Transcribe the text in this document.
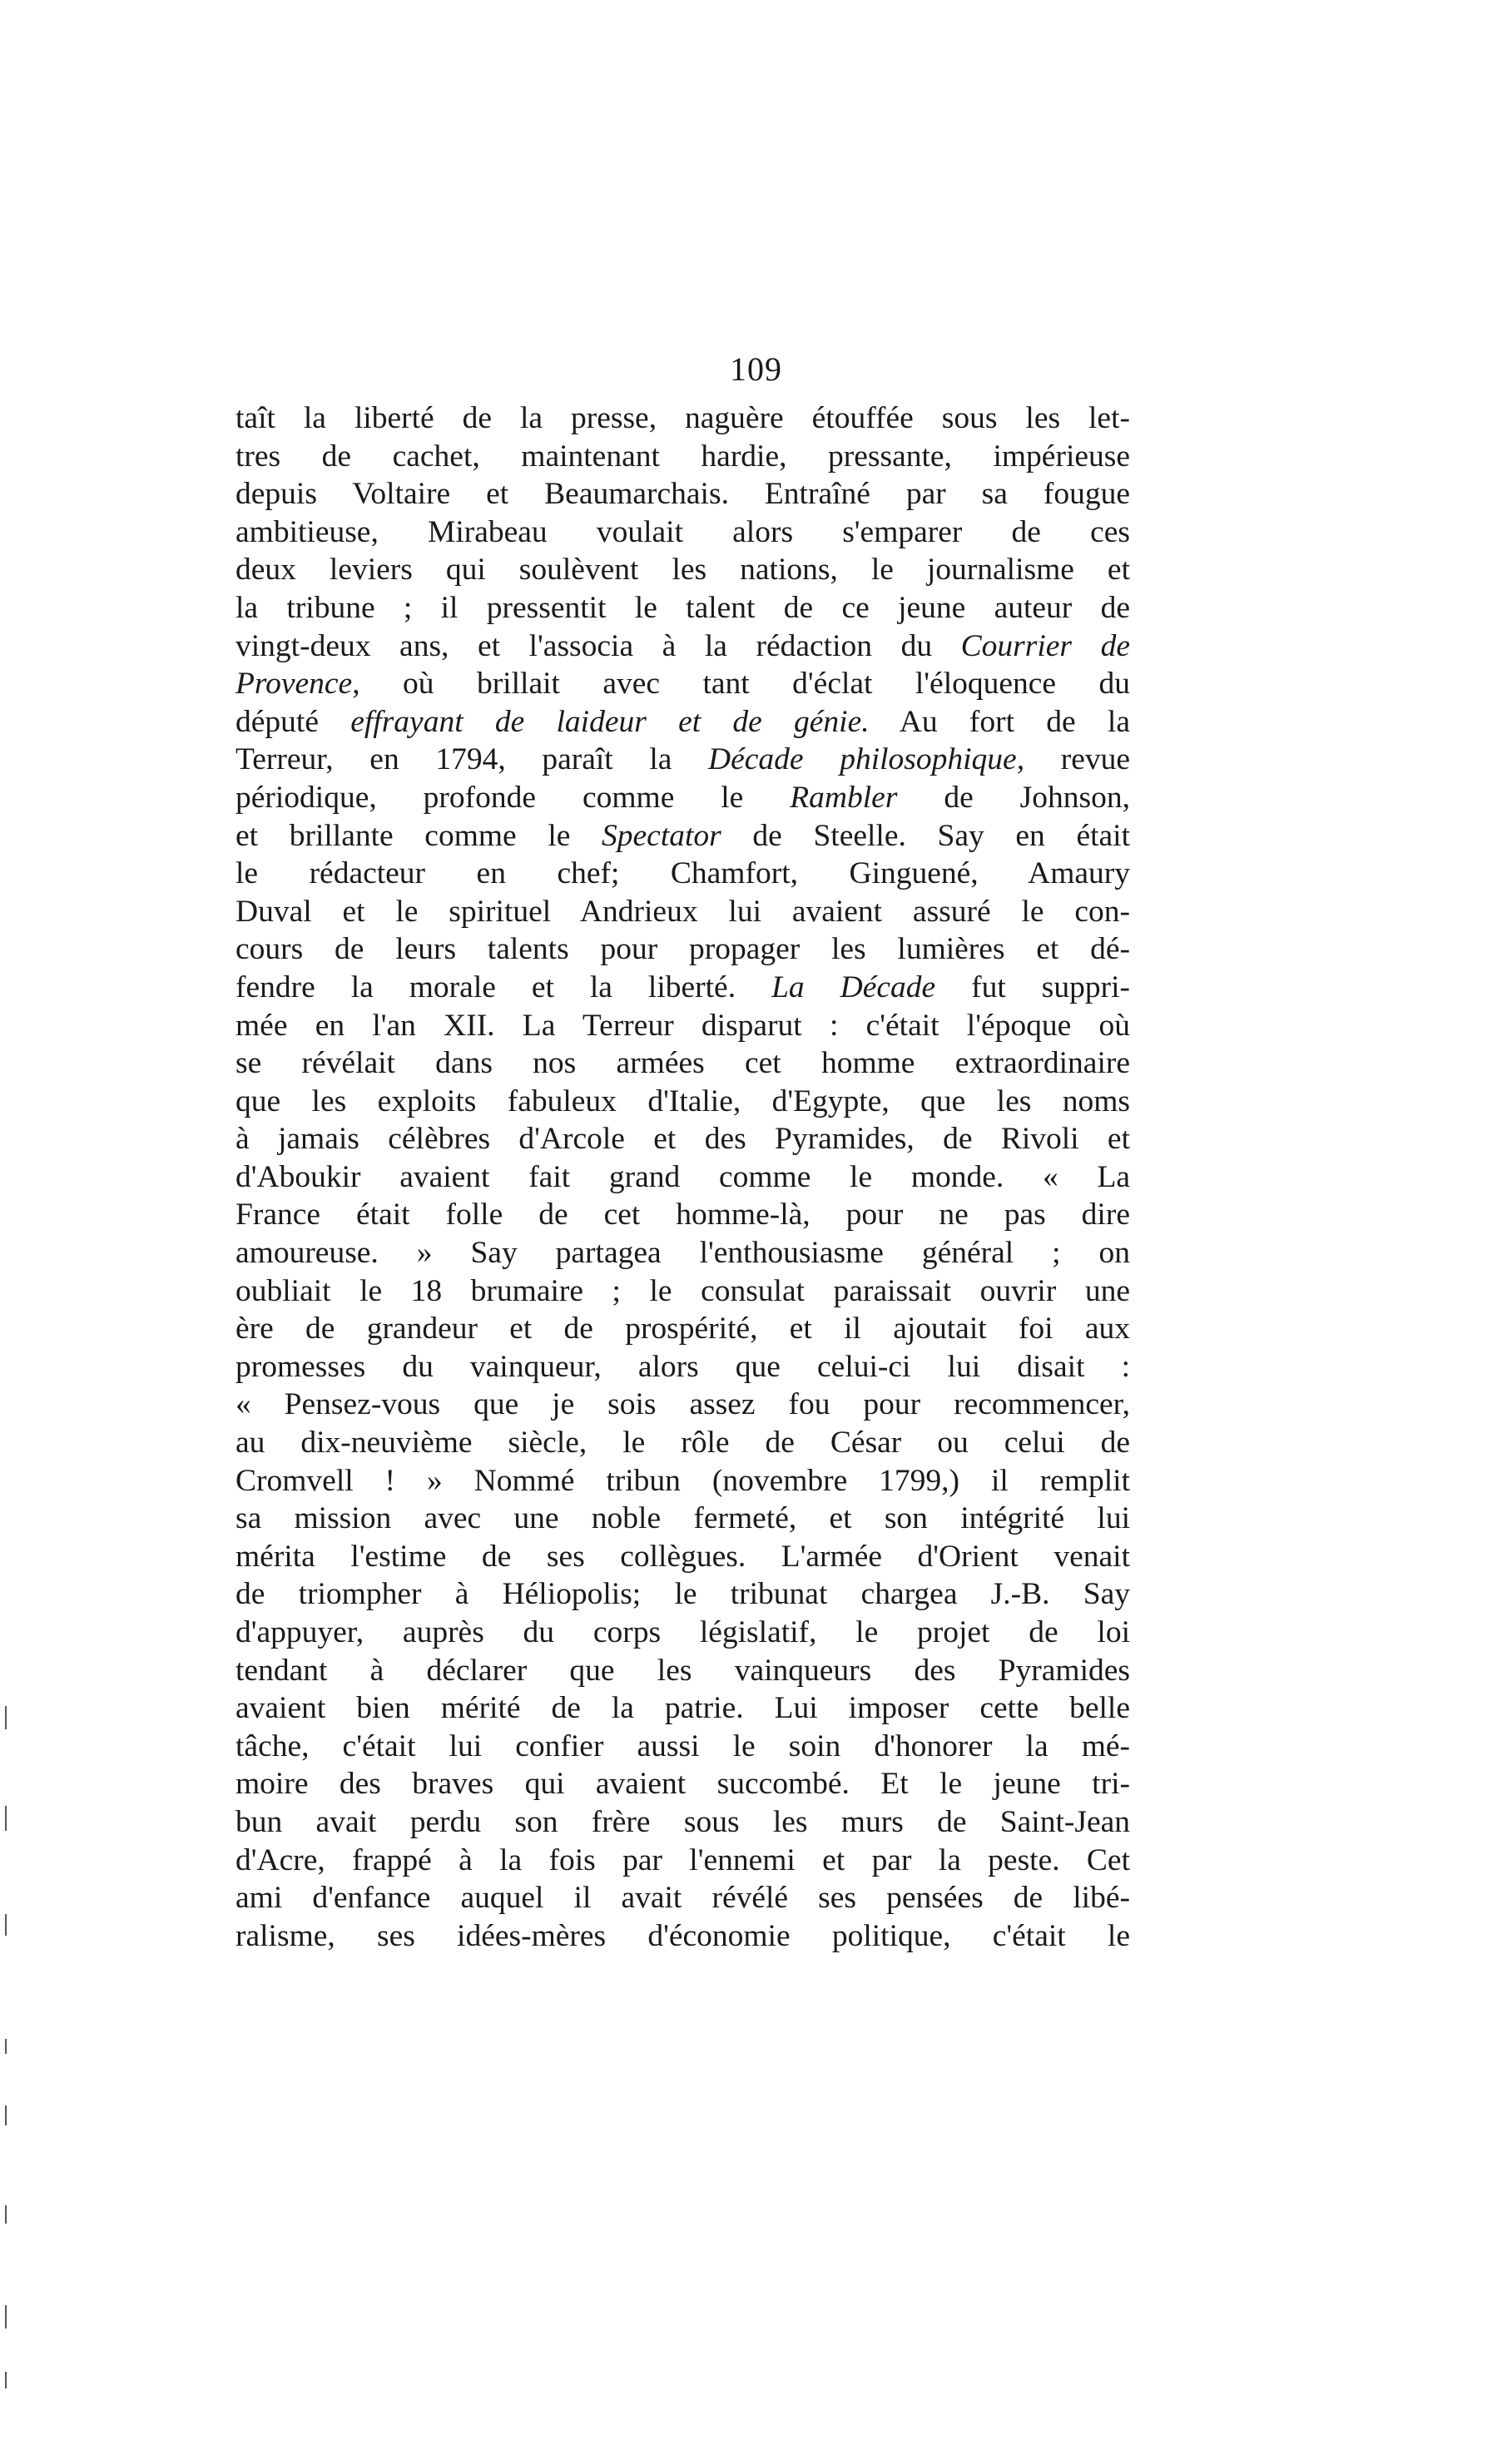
109
taît la liberté de la presse, naguère étouffée sous les let-
tres de cachet, maintenant hardie, pressante, impérieuse
depuis Voltaire et Beaumarchais. Entraîné par sa fougue
ambitieuse, Mirabeau voulait alors s'emparer de ces
deux leviers qui soulèvent les nations, le journalisme et
la tribune ; il pressentit le talent de ce jeune auteur de
vingt-deux ans, et l'associa à la rédaction du Courrier de
Provence, où brillait avec tant d'éclat l'éloquence du
député effrayant de laideur et de génie. Au fort de la
Terreur, en 1794, paraît la Décade philosophique, revue
périodique, profonde comme le Rambler de Johnson,
et brillante comme le Spectator de Steelle. Say en était
le rédacteur en chef; Chamfort, Ginguené, Amaury
Duval et le spirituel Andrieux lui avaient assuré le con-
cours de leurs talents pour propager les lumières et dé-
fendre la morale et la liberté. La Décade fut suppri-
mée en l'an XII. La Terreur disparut : c'était l'époque où
se révélait dans nos armées cet homme extraordinaire
que les exploits fabuleux d'Italie, d'Egypte, que les noms
à jamais célèbres d'Arcole et des Pyramides, de Rivoli et
d'Aboukir avaient fait grand comme le monde. « La
France était folle de cet homme-là, pour ne pas dire
amoureuse. » Say partagea l'enthousiasme général ; on
oubliait le 18 brumaire ; le consulat paraissait ouvrir une
ère de grandeur et de prospérité, et il ajoutait foi aux
promesses du vainqueur, alors que celui-ci lui disait :
« Pensez-vous que je sois assez fou pour recommencer,
au dix-neuvième siècle, le rôle de César ou celui de
Cromvell ! » Nommé tribun (novembre 1799,) il remplit
sa mission avec une noble fermeté, et son intégrité lui
mérita l'estime de ses collègues. L'armée d'Orient venait
de triompher à Héliopolis; le tribunat chargea J.-B. Say
d'appuyer, auprès du corps législatif, le projet de loi
tendant à déclarer que les vainqueurs des Pyramides
avaient bien mérité de la patrie. Lui imposer cette belle
tâche, c'était lui confier aussi le soin d'honorer la mé-
moire des braves qui avaient succombé. Et le jeune tri-
bun avait perdu son frère sous les murs de Saint-Jean
d'Acre, frappé à la fois par l'ennemi et par la peste. Cet
ami d'enfance auquel il avait révélé ses pensées de libé-
ralisme, ses idées-mères d'économie politique, c'était le
